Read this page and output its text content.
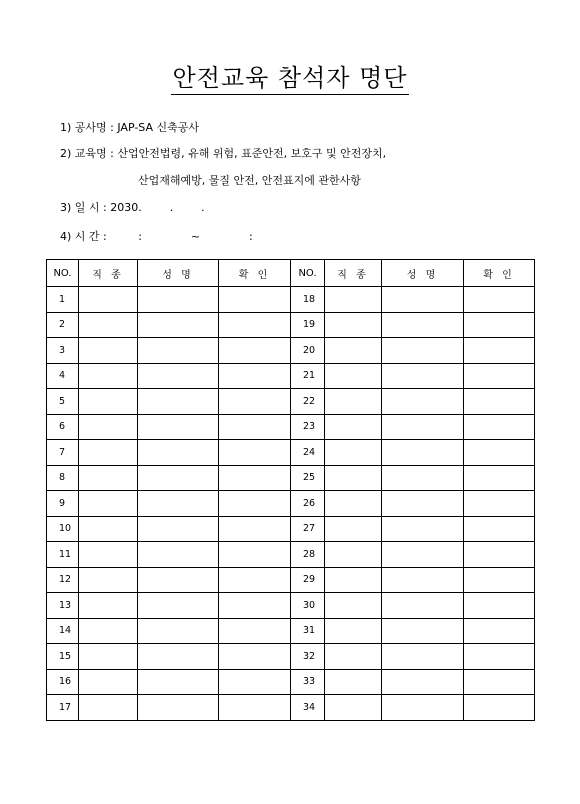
안전교육 참석자 명단
1) 공사명 : JAP-SA 신축공사
2) 교육명 : 산업안전법령, 유해 위험, 표준안전, 보호구 및 안전장치,
산업재해예방, 물질 안전, 안전표지에 관한사항
3) 일 시 : 2030.        .        .
4) 시 간 :         :              ~              :
NO.	직 종	성 명	확 인	NO.	직 종	성 명	확 인
1				18			
2				19			
3				20			
4				21			
5				22			
6				23			
7				24			
8				25			
9				26			
10				27			
11				28			
12				29			
13				30			
14				31			
15				32			
16				33			
17				34			
